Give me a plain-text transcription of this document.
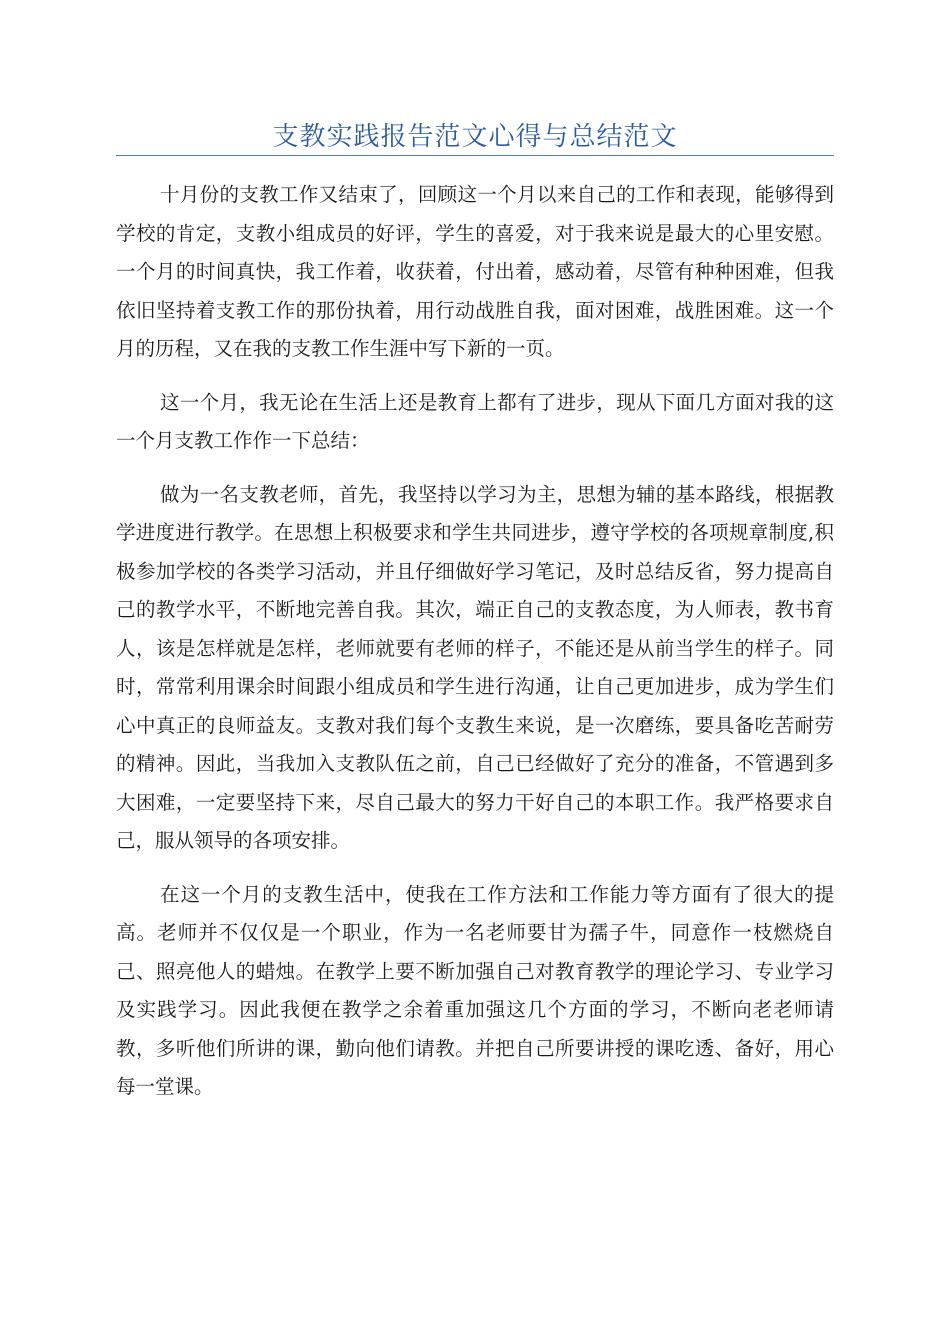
支教实践报告范文心得与总结范文

十月份的支教工作又结束了，回顾这一个月以来自己的工作和表现，能够得到学校的肯定，支教小组成员的好评，学生的喜爱，对于我来说是最大的心里安慰。一个月的时间真快，我工作着，收获着，付出着，感动着，尽管有种种困难，但我依旧坚持着支教工作的那份执着，用行动战胜自我，面对困难，战胜困难。这一个月的历程，又在我的支教工作生涯中写下新的一页。

这一个月，我无论在生活上还是教育上都有了进步，现从下面几方面对我的这一个月支教工作作一下总结：

做为一名支教老师，首先，我坚持以学习为主，思想为辅的基本路线，根据教学进度进行教学。在思想上积极要求和学生共同进步，遵守学校的各项规章制度,积极参加学校的各类学习活动，并且仔细做好学习笔记，及时总结反省，努力提高自己的教学水平，不断地完善自我。其次，端正自己的支教态度，为人师表，教书育人，该是怎样就是怎样，老师就要有老师的样子，不能还是从前当学生的样子。同时，常常利用课余时间跟小组成员和学生进行沟通，让自己更加进步，成为学生们心中真正的良师益友。支教对我们每个支教生来说，是一次磨练，要具备吃苦耐劳的精神。因此，当我加入支教队伍之前，自己已经做好了充分的准备，不管遇到多大困难，一定要坚持下来，尽自己最大的努力干好自己的本职工作。我严格要求自己，服从领导的各项安排。

在这一个月的支教生活中，使我在工作方法和工作能力等方面有了很大的提高。老师并不仅仅是一个职业，作为一名老师要甘为孺子牛，同意作一枝燃烧自己、照亮他人的蜡烛。在教学上要不断加强自己对教育教学的理论学习、专业学习及实践学习。因此我便在教学之余着重加强这几个方面的学习，不断向老老师请教，多听他们所讲的课，勤向他们请教。并把自己所要讲授的课吃透、备好，用心每一堂课。
